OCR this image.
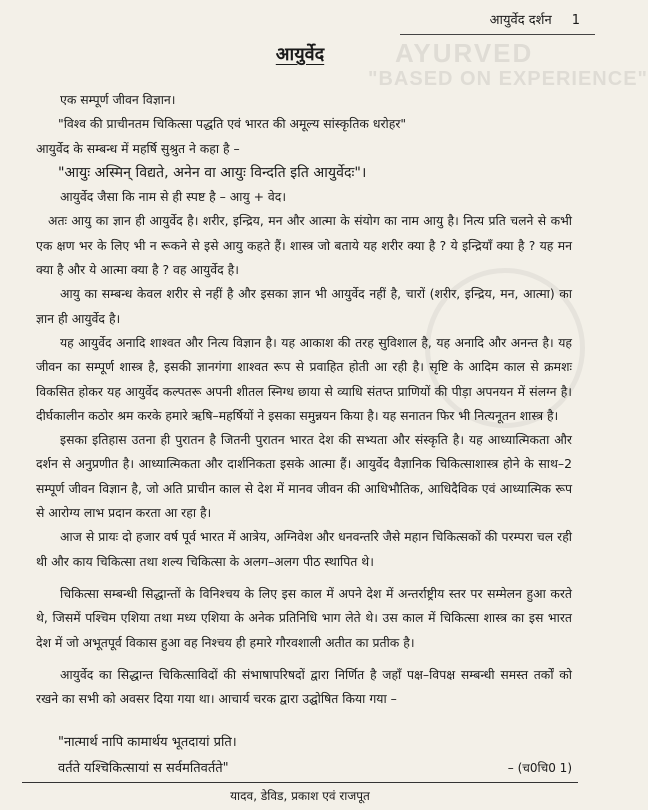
AYURVED
"BASED ON EXPERIENCE"
आयुर्वेद दर्शन 1
आयुर्वेद

एक सम्पूर्ण जीवन विज्ञान।

"विश्व की प्राचीनतम चिकित्सा पद्धति एवं भारत की अमूल्य सांस्कृतिक धरोहर"

आयुर्वेद के सम्बन्ध में महर्षि सुश्रुत ने कहा है –

"आयुः अस्मिन् विद्यते, अनेन वा आयुः विन्दति इति आयुर्वेदः"।

आयुर्वेद जैसा कि नाम से ही स्पष्ट है – आयु + वेद।

अतः आयु का ज्ञान ही आयुर्वेद है। शरीर, इन्द्रिय, मन और आत्मा के संयोग का नाम आयु है। नित्य प्रति चलने से कभी एक क्षण भर के लिए भी न रूकने से इसे आयु कहते हैं। शास्त्र जो बताये यह शरीर क्या है ? ये इन्द्रियाँ क्या है ? यह मन क्या है और ये आत्मा क्या है ? वह आयुर्वेद है।

आयु का सम्बन्ध केवल शरीर से नहीं है और इसका ज्ञान भी आयुर्वेद नहीं है, चारों (शरीर, इन्द्रिय, मन, आत्मा) का ज्ञान ही आयुर्वेद है।

यह आयुर्वेद अनादि शाश्वत और नित्य विज्ञान है। यह आकाश की तरह सुविशाल है, यह अनादि और अनन्त है। यह जीवन का सम्पूर्ण शास्त्र है, इसकी ज्ञानगंगा शाश्वत रूप से प्रवाहित होती आ रही है। सृष्टि के आदिम काल से क्रमशः विकसित होकर यह आयुर्वेद कल्पतरू अपनी शीतल स्निग्ध छाया से व्याधि संतप्त प्राणियों की पीड़ा अपनयन में संलग्न है। दीर्घकालीन कठोर श्रम करके हमारे ऋषि–महर्षियों ने इसका समुन्नयन किया है। यह सनातन फिर भी नित्यनूतन शास्त्र है।

इसका इतिहास उतना ही पुरातन है जितनी पुरातन भारत देश की सभ्यता और संस्कृति है। यह आध्यात्मिकता और दर्शन से अनुप्रणीत है। आध्यात्मिकता और दार्शनिकता इसके आत्मा हैं। आयुर्वेद वैज्ञानिक चिकित्साशास्त्र होने के साथ–2 सम्पूर्ण जीवन विज्ञान है, जो अति प्राचीन काल से देश में मानव जीवन की आधिभौतिक, आधिदैविक एवं आध्यात्मिक रूप से आरोग्य लाभ प्रदान करता आ रहा है।

आज से प्रायः दो हजार वर्ष पूर्व भारत में आत्रेय, अग्निवेश और धनवन्तरि जैसे महान चिकित्सकों की परम्परा चल रही थी और काय चिकित्सा तथा शल्य चिकित्सा के अलग–अलग पीठ स्थापित थे।

चिकित्सा सम्बन्धी सिद्धान्तों के विनिश्चय के लिए इस काल में अपने देश में अन्तर्राष्ट्रीय स्तर पर सम्मेलन हुआ करते थे, जिसमें पश्चिम एशिया तथा मध्य एशिया के अनेक प्रतिनिधि भाग लेते थे। उस काल में चिकित्सा शास्त्र का इस भारत देश में जो अभूतपूर्व विकास हुआ वह निश्चय ही हमारे गौरवशाली अतीत का प्रतीक है।

आयुर्वेद का सिद्धान्त चिकित्साविदों की संभाषापरिषदों द्वारा निर्णित है जहाँ पक्ष–विपक्ष सम्बन्धी समस्त तर्कों को रखने का सभी को अवसर दिया गया था। आचार्य चरक द्वारा उद्घोषित किया गया –

"नात्मार्थ नापि कामार्थय भूतदायां प्रति।

वर्तते यश्चिकित्सायां स सर्वमतिवर्तते"	– (च0चि0 1)
यादव, डेविड, प्रकाश एवं राजपूत
